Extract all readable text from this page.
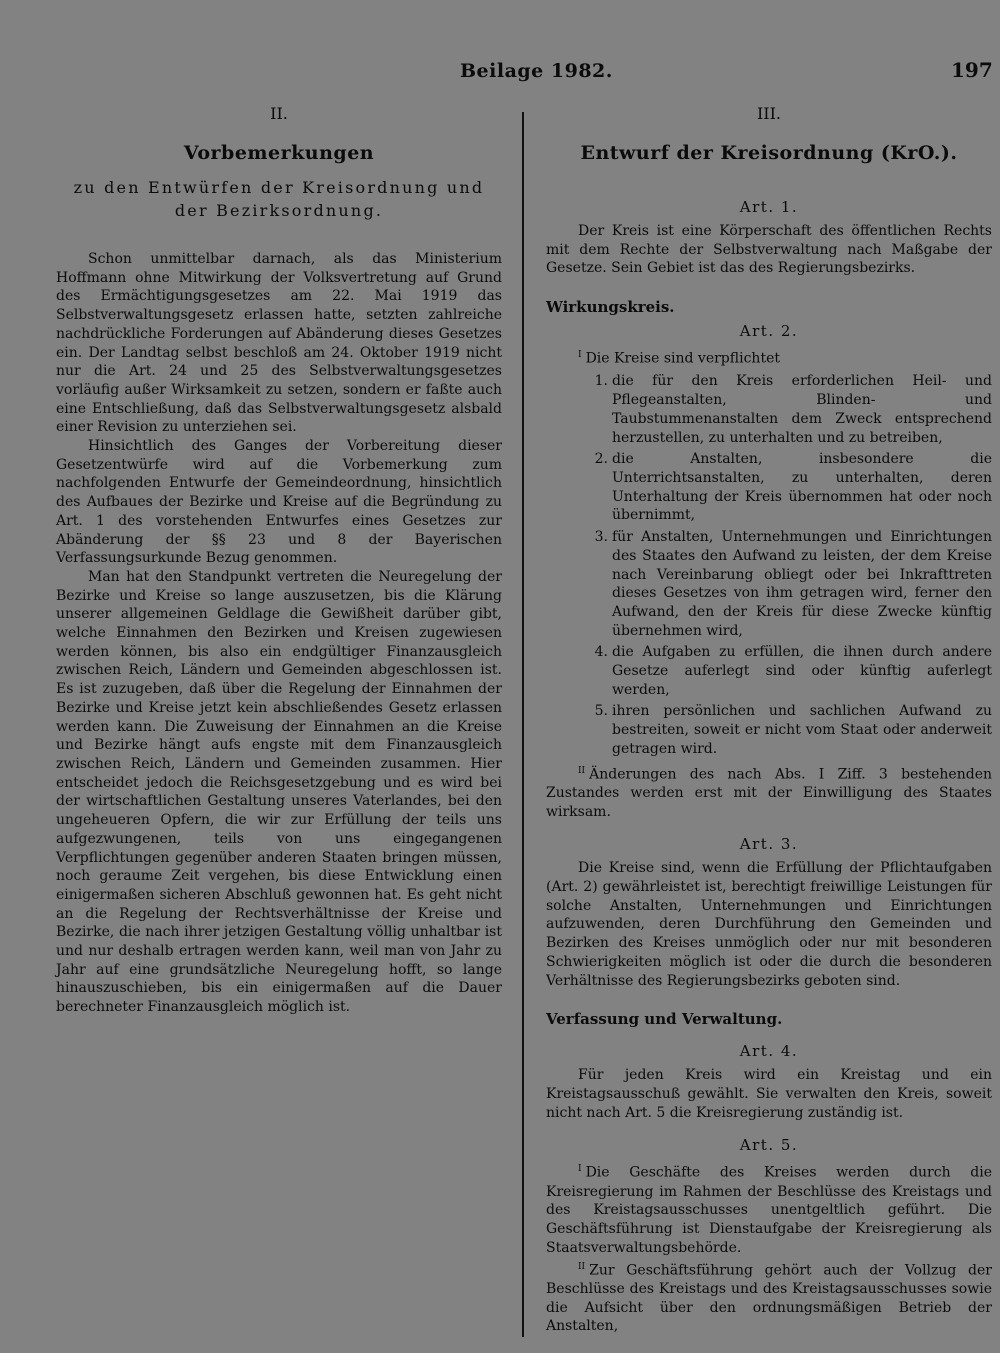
Beilage 1982.	197
II.
Vorbemerkungen
zu den Entwürfen der Kreisordnung und der Bezirksordnung.

Schon unmittelbar darnach, als das Ministerium Hoffmann ohne Mitwirkung der Volksvertretung auf Grund des Ermächtigungsgesetzes am 22. Mai 1919 das Selbstverwaltungsgesetz erlassen hatte, setzten zahlreiche nachdrückliche Forderungen auf Abänderung dieses Gesetzes ein. Der Landtag selbst beschloß am 24. Oktober 1919 nicht nur die Art. 24 und 25 des Selbstverwaltungsgesetzes vorläufig außer Wirksamkeit zu setzen, sondern er faßte auch eine Entschließung, daß das Selbstverwaltungsgesetz alsbald einer Revision zu unterziehen sei.

Hinsichtlich des Ganges der Vorbereitung dieser Gesetzentwürfe wird auf die Vorbemerkung zum nachfolgenden Entwurfe der Gemeindeordnung, hinsichtlich des Aufbaues der Bezirke und Kreise auf die Begründung zu Art. 1 des vorstehenden Entwurfes eines Gesetzes zur Abänderung der §§ 23 und 8 der Bayerischen Verfassungsurkunde Bezug genommen.

Man hat den Standpunkt vertreten die Neuregelung der Bezirke und Kreise so lange auszusetzen, bis die Klärung unserer allgemeinen Geldlage die Gewißheit darüber gibt, welche Einnahmen den Bezirken und Kreisen zugewiesen werden können, bis also ein endgültiger Finanzausgleich zwischen Reich, Ländern und Gemeinden abgeschlossen ist. Es ist zuzugeben, daß über die Regelung der Einnahmen der Bezirke und Kreise jetzt kein abschließendes Gesetz erlassen werden kann. Die Zuweisung der Einnahmen an die Kreise und Bezirke hängt aufs engste mit dem Finanzausgleich zwischen Reich, Ländern und Gemeinden zusammen. Hier entscheidet jedoch die Reichsgesetzgebung und es wird bei der wirtschaftlichen Gestaltung unseres Vaterlandes, bei den ungeheueren Opfern, die wir zur Erfüllung der teils uns aufgezwungenen, teils von uns eingegangenen Verpflichtungen gegenüber anderen Staaten bringen müssen, noch geraume Zeit vergehen, bis diese Entwicklung einen einigermaßen sicheren Abschluß gewonnen hat. Es geht nicht an die Regelung der Rechtsverhältnisse der Kreise und Bezirke, die nach ihrer jetzigen Gestaltung völlig unhaltbar ist und nur deshalb ertragen werden kann, weil man von Jahr zu Jahr auf eine grundsätzliche Neuregelung hofft, so lange hinauszuschieben, bis ein einigermaßen auf die Dauer berechneter Finanzausgleich möglich ist.

III.
Entwurf der Kreisordnung (KrO.).
Art. 1.

Der Kreis ist eine Körperschaft des öffentlichen Rechts mit dem Rechte der Selbstverwaltung nach Maßgabe der Gesetze. Sein Gebiet ist das des Regierungsbezirks.

Wirkungskreis.
Art. 2.

$^I$ Die Kreise sind verpflichtet

1. die für den Kreis erforderlichen Heil- und Pflegeanstalten, Blinden- und Taubstummenanstalten dem Zweck entsprechend herzustellen, zu unterhalten und zu betreiben,
2. die Anstalten, insbesondere die Unterrichtsanstalten, zu unterhalten, deren Unterhaltung der Kreis übernommen hat oder noch übernimmt,
3. für Anstalten, Unternehmungen und Einrichtungen des Staates den Aufwand zu leisten, der dem Kreise nach Vereinbarung obliegt oder bei Inkrafttreten dieses Gesetzes von ihm getragen wird, ferner den Aufwand, den der Kreis für diese Zwecke künftig übernehmen wird,
4. die Aufgaben zu erfüllen, die ihnen durch andere Gesetze auferlegt sind oder künftig auferlegt werden,
5. ihren persönlichen und sachlichen Aufwand zu bestreiten, soweit er nicht vom Staat oder anderweit getragen wird.

$^{II}$ Änderungen des nach Abs. I Ziff. 3 bestehenden Zustandes werden erst mit der Einwilligung des Staates wirksam.

Art. 3.

Die Kreise sind, wenn die Erfüllung der Pflichtaufgaben (Art. 2) gewährleistet ist, berechtigt freiwillige Leistungen für solche Anstalten, Unternehmungen und Einrichtungen aufzuwenden, deren Durchführung den Gemeinden und Bezirken des Kreises unmöglich oder nur mit besonderen Schwierigkeiten möglich ist oder die durch die besonderen Verhältnisse des Regierungsbezirks geboten sind.

Verfassung und Verwaltung.
Art. 4.

Für jeden Kreis wird ein Kreistag und ein Kreistagsausschuß gewählt. Sie verwalten den Kreis, soweit nicht nach Art. 5 die Kreisregierung zuständig ist.

Art. 5.

$^I$ Die Geschäfte des Kreises werden durch die Kreisregierung im Rahmen der Beschlüsse des Kreistags und des Kreistagsausschusses unentgeltlich geführt. Die Geschäftsführung ist Dienstaufgabe der Kreisregierung als Staatsverwaltungsbehörde.

$^{II}$ Zur Geschäftsführung gehört auch der Vollzug der Beschlüsse des Kreistags und des Kreistagsausschusses sowie die Aufsicht über den ordnungsmäßigen Betrieb der Anstalten,
